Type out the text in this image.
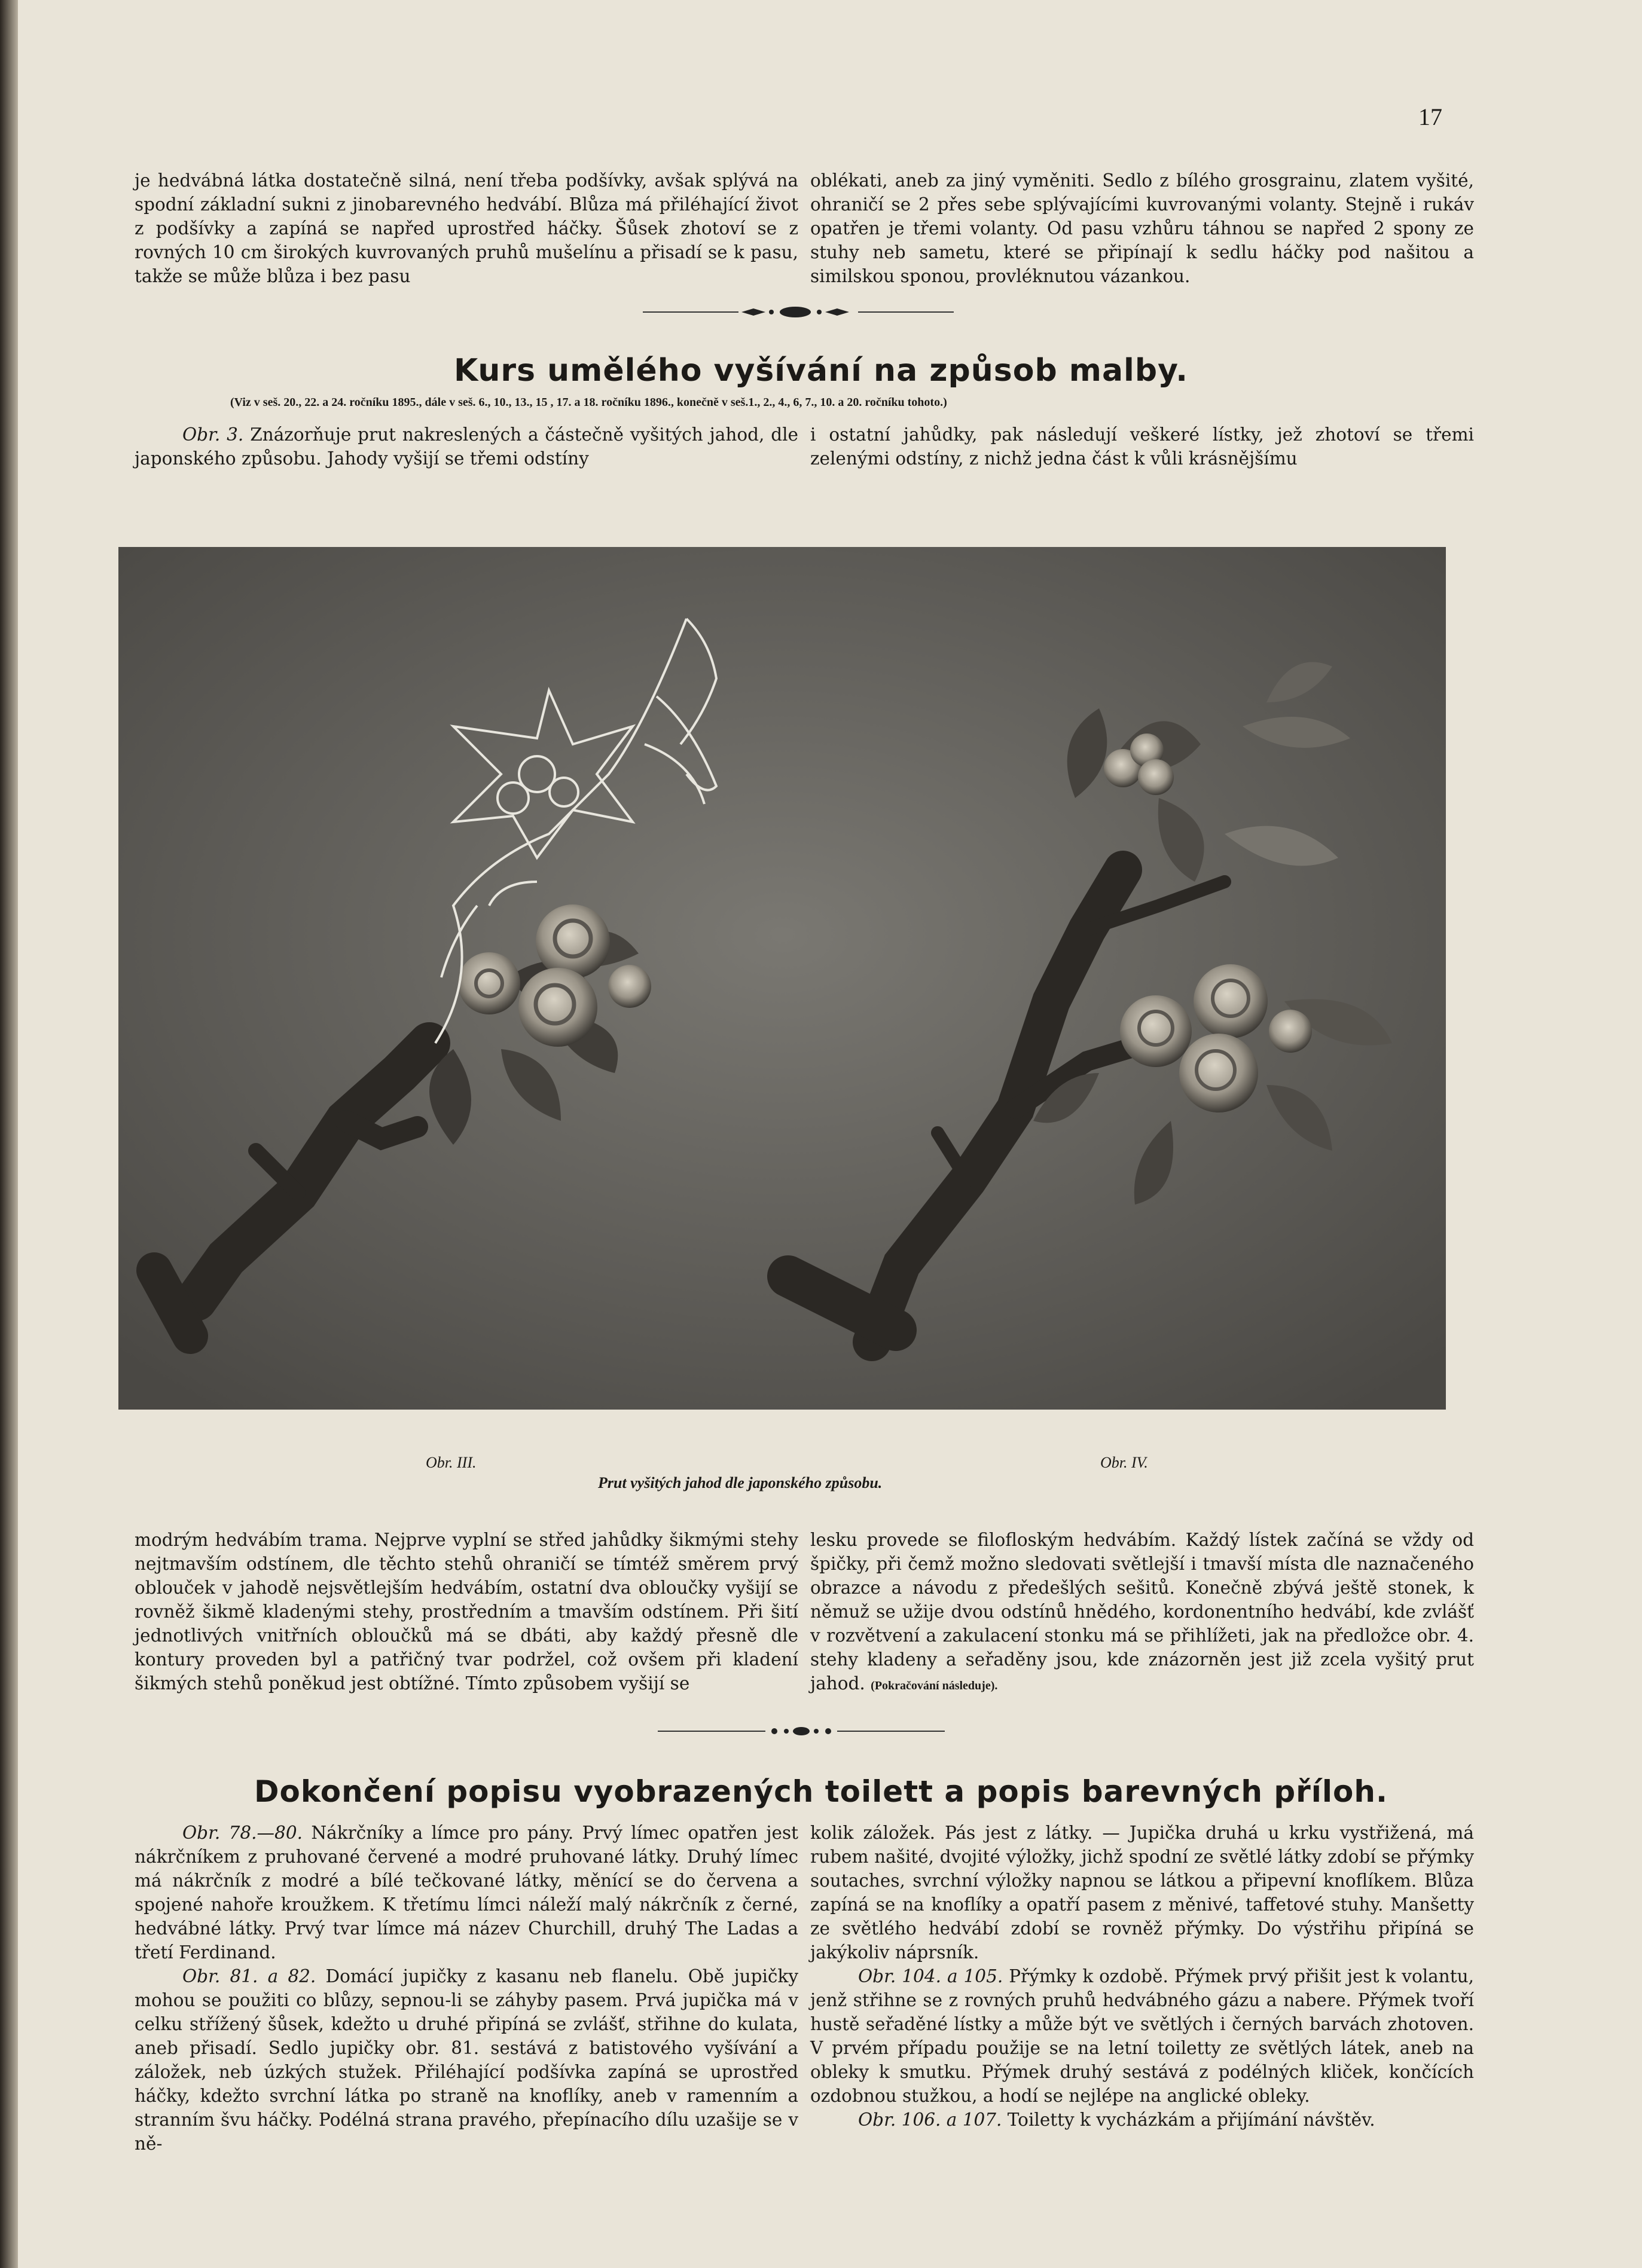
17

je hedvábná látka dostatečně silná, není třeba podšívky, avšak splývá na spodní základní sukni z jinobarevného hedvábí. Blůza má přiléhající život z podšívky a zapíná se napřed uprostřed háčky. Šůsek zhotoví se z rovných 10 cm širokých kuvrovaných pruhů mušelínu a přisadí se k pasu, takže se může blůza i bez pasu

oblékati, aneb za jiný vyměniti. Sedlo z bílého grosgrainu, zlatem vyšité, ohraničí se 2 přes sebe splývajícími kuvrovanými volanty. Stejně i rukáv opatřen je třemi volanty. Od pasu vzhůru táhnou se napřed 2 spony ze stuhy neb sametu, které se připínají k sedlu háčky pod našitou a similskou sponou, provléknutou vázankou.

Kurs umělého vyšívání na způsob malby.
(Viz v seš. 20., 22. a 24. ročníku 1895., dále v seš. 6., 10., 13., 15 , 17. a 18. ročníku 1896., konečně v seš.1., 2., 4., 6, 7., 10. a 20. ročníku tohoto.)

Obr. 3. Znázorňuje prut nakreslených a částečně vyšitých jahod, dle japonského způsobu. Jahody vyšijí se třemi odstíny

i ostatní jahůdky, pak následují veškeré lístky, jež zhotoví se třemi zelenými odstíny, z nichž jedna část k vůli krásnějšímu

Obr. III.	Obr. IV.
Prut vyšitých jahod dle japonského způsobu.

modrým hedvábím trama. Nejprve vyplní se střed jahůdky šikmými stehy nejtmavším odstínem, dle těchto stehů ohraničí se tímtéž směrem prvý oblouček v jahodě nejsvětlejším hedvábím, ostatní dva obloučky vyšijí se rovněž šikmě kladenými stehy, prostředním a tmavším odstínem. Při šití jednotlivých vnitřních obloučků má se dbáti, aby každý přesně dle kontury proveden byl a patřičný tvar podržel, což ovšem při kladení šikmých stehů poněkud jest obtížné. Tímto způsobem vyšijí se

lesku provede se filofloským hedvábím. Každý lístek začíná se vždy od špičky, při čemž možno sledovati světlejší i tmavší místa dle naznačeného obrazce a návodu z předešlých sešitů. Konečně zbývá ještě stonek, k němuž se užije dvou odstínů hnědého, kordonentního hedvábí, kde zvlášť v rozvětvení a zakulacení stonku má se přihlížeti, jak na předložce obr. 4. stehy kladeny a seřaděny jsou, kde znázorněn jest již zcela vyšitý prut jahod. (Pokračování následuje).

Dokončení popisu vyobrazených toilett a popis barevných příloh.

Obr. 78.—80. Nákrčníky a límce pro pány. Prvý límec opatřen jest nákrčníkem z pruhované červené a modré pruhované látky. Druhý límec má nákrčník z modré a bílé tečkované látky, měnící se do červena a spojené nahoře kroužkem. K třetímu límci náleží malý nákrčník z černé, hedvábné látky. Prvý tvar límce má název Churchill, druhý The Ladas a třetí Ferdinand.

Obr. 81. a 82. Domácí jupičky z kasanu neb flanelu. Obě jupičky mohou se použiti co blůzy, sepnou-li se záhyby pasem. Prvá jupička má v celku střížený šůsek, kdežto u druhé připíná se zvlášť, střihne do kulata, aneb přisadí. Sedlo jupičky obr. 81. sestává z batistového vyšívání a záložek, neb úzkých stužek. Přiléhající podšívka zapíná se uprostřed háčky, kdežto svrchní látka po straně na knoflíky, aneb v ramenním a stranním švu háčky. Podélná strana pravého, přepínacího dílu uzašije se v ně-

kolik záložek. Pás jest z látky. — Jupička druhá u krku vystřižená, má rubem našité, dvojité výložky, jichž spodní ze světlé látky zdobí se přýmky soutaches, svrchní výložky napnou se látkou a připevní knoflíkem. Blůza zapíná se na knoflíky a opatří pasem z měnivé, taffetové stuhy. Manšetty ze světlého hedvábí zdobí se rovněž přýmky. Do výstřihu připíná se jakýkoliv náprsník.

Obr. 104. a 105. Přýmky k ozdobě. Přýmek prvý přišit jest k volantu, jenž střihne se z rovných pruhů hedvábného gázu a nabere. Přýmek tvoří hustě seřaděné lístky a může být ve světlých i černých barvách zhotoven. V prvém případu použije se na letní toiletty ze světlých látek, aneb na obleky k smutku. Přýmek druhý sestává z podélných kliček, končících ozdobnou stužkou, a hodí se nejlépe na anglické obleky.

Obr. 106. a 107. Toiletty k vycházkám a přijímání návštěv.
